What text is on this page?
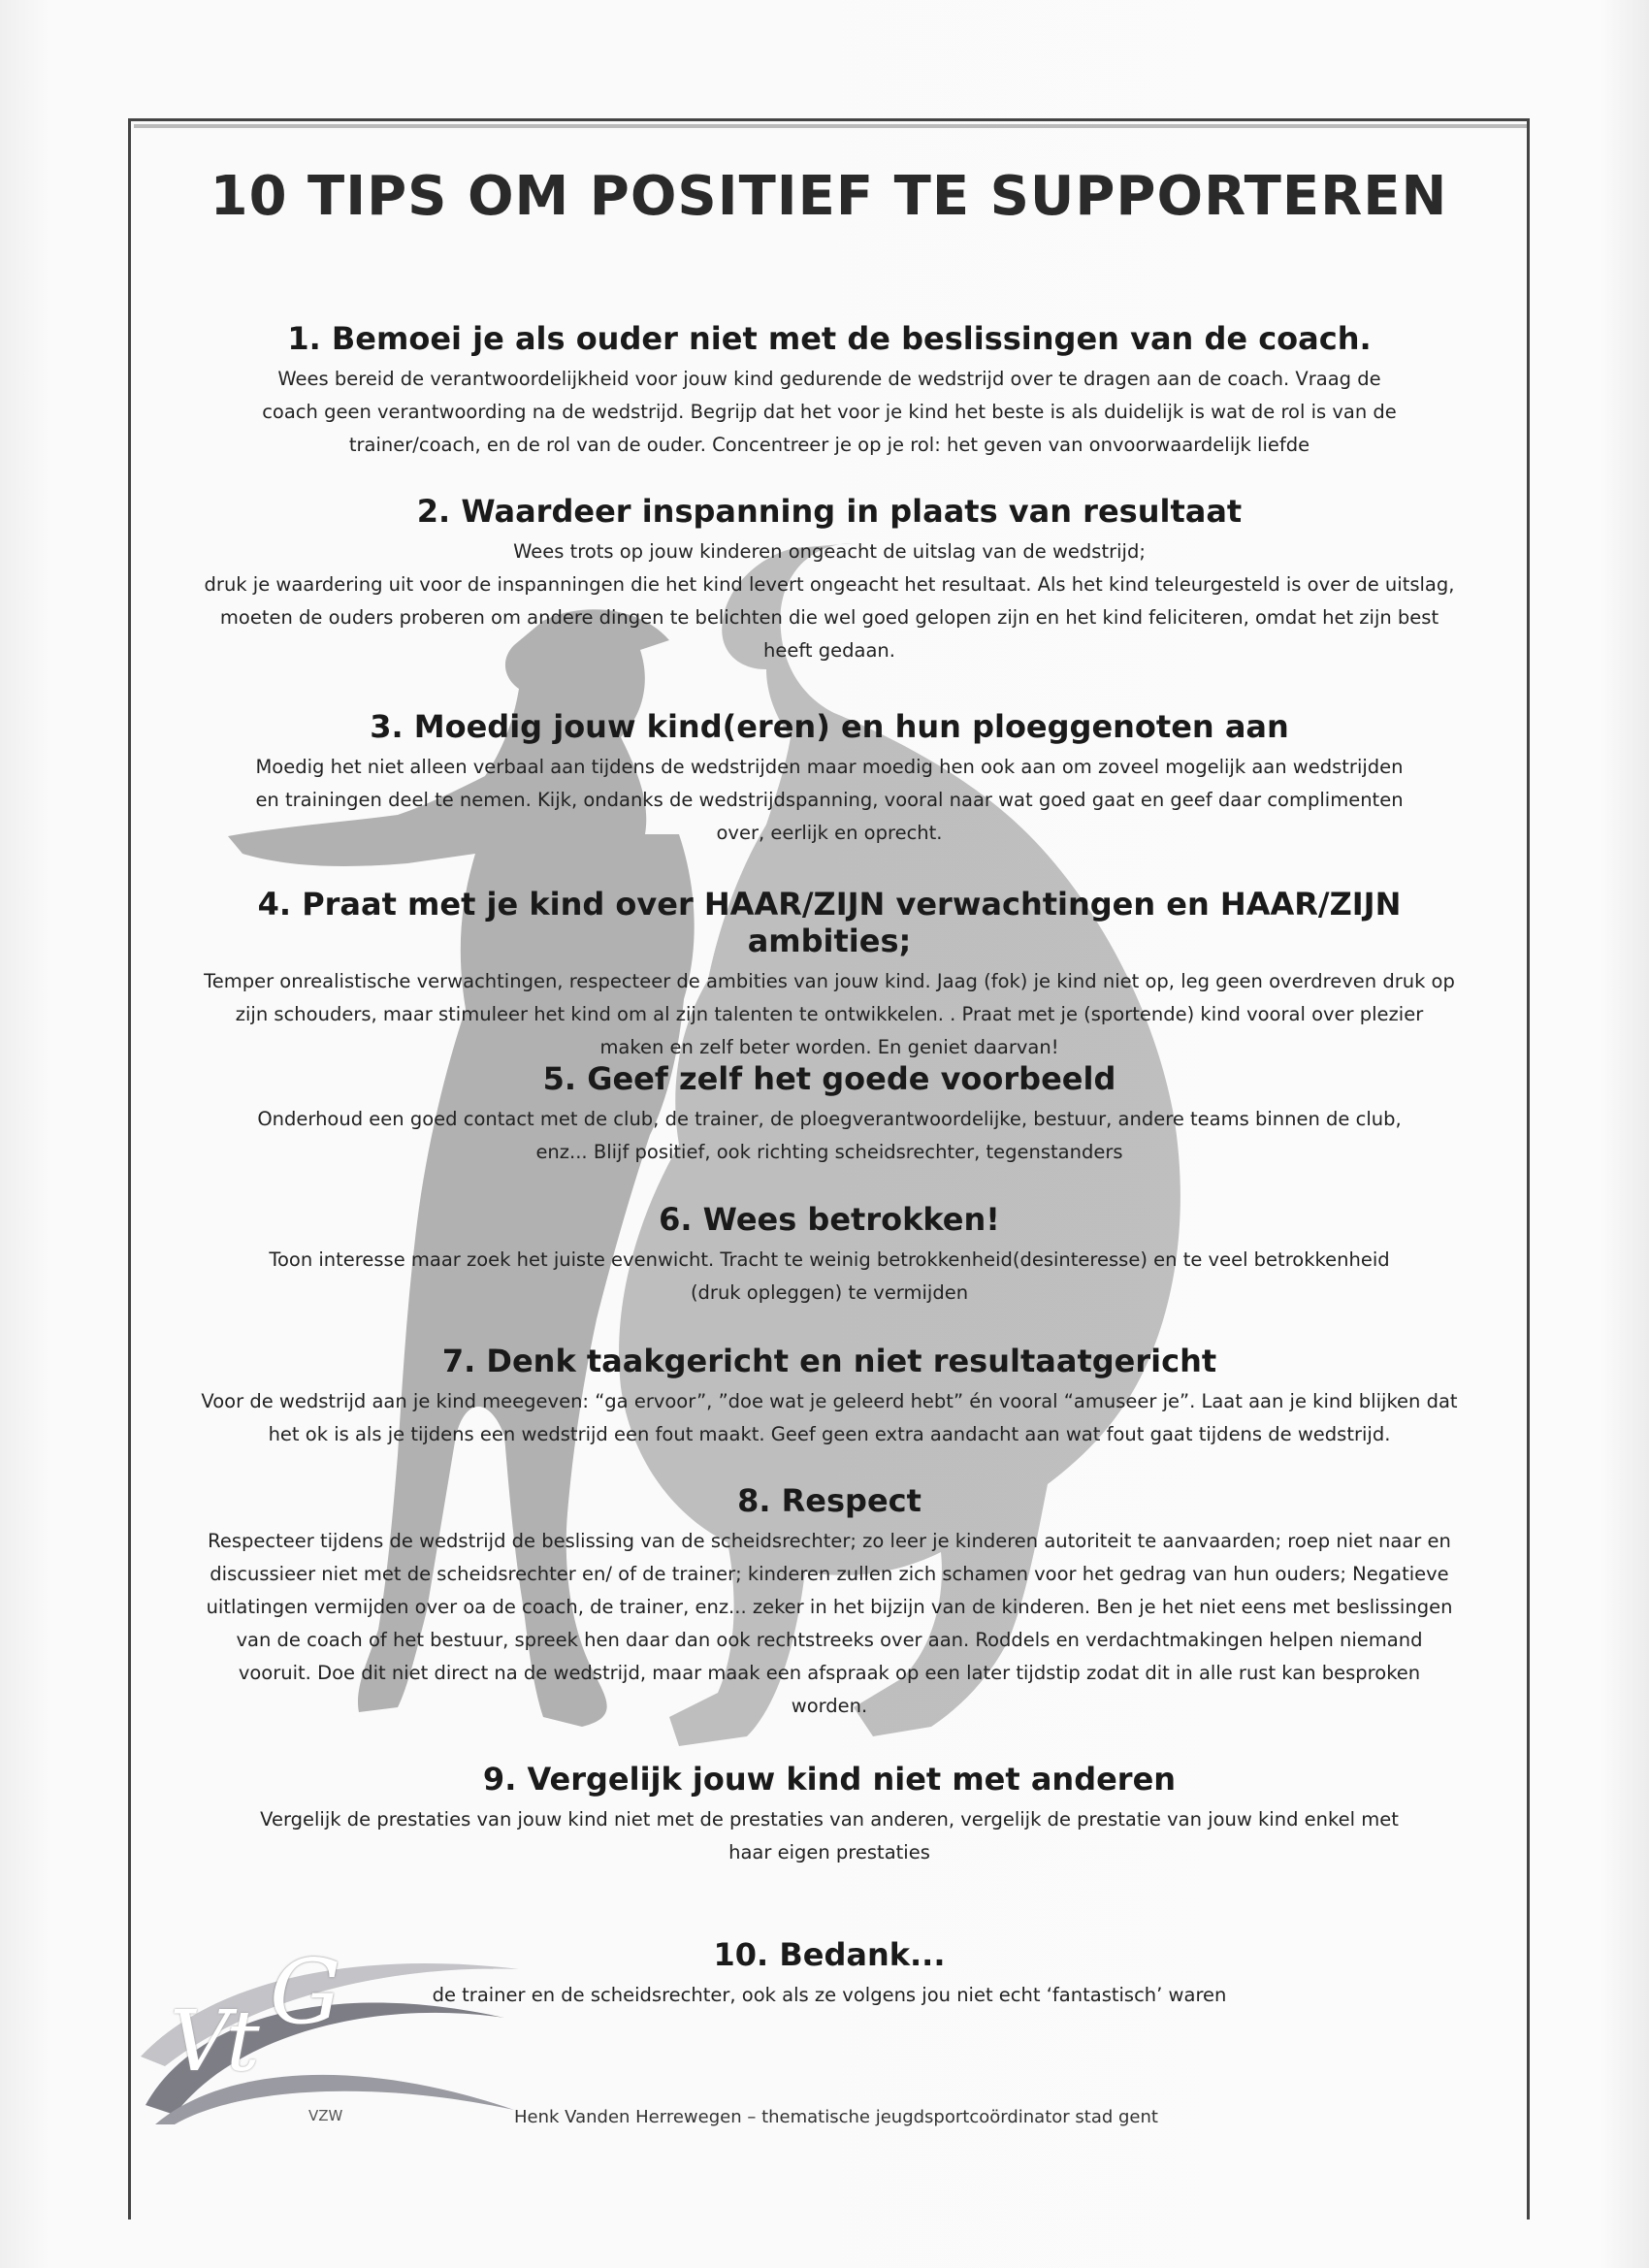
10 TIPS OM POSITIEF TE SUPPORTEREN
1. Bemoei je als ouder niet met de beslissingen van de coach.

Wees bereid de verantwoordelijkheid voor jouw kind gedurende de wedstrijd over te dragen aan de coach. Vraag de
coach geen verantwoording na de wedstrijd. Begrijp dat het voor je kind het beste is als duidelijk is wat de rol is van de
trainer/coach, en de rol van de ouder. Concentreer je op je rol: het geven van onvoorwaardelijk liefde

2. Waardeer inspanning in plaats van resultaat

Wees trots op jouw kinderen ongeacht de uitslag van de wedstrijd;
druk je waardering uit voor de inspanningen die het kind levert ongeacht het resultaat. Als het kind teleurgesteld is over de uitslag,
moeten de ouders proberen om andere dingen te belichten die wel goed gelopen zijn en het kind feliciteren, omdat het zijn best
heeft gedaan.

3. Moedig jouw kind(eren) en hun ploeggenoten aan

Moedig het niet alleen verbaal aan tijdens de wedstrijden maar moedig hen ook aan om zoveel mogelijk aan wedstrijden
en trainingen deel te nemen. Kijk, ondanks de wedstrijdspanning, vooral naar wat goed gaat en geef daar complimenten
over, eerlijk en oprecht.

4. Praat met je kind over HAAR/ZIJN verwachtingen en HAAR/ZIJN ambities;

Temper onrealistische verwachtingen, respecteer de ambities van jouw kind. Jaag (fok) je kind niet op, leg geen overdreven druk op
zijn schouders, maar stimuleer het kind om al zijn talenten te ontwikkelen. . Praat met je (sportende) kind vooral over plezier
maken en zelf beter worden. En geniet daarvan!

5. Geef zelf het goede voorbeeld

Onderhoud een goed contact met de club, de trainer, de ploegverantwoordelijke, bestuur, andere teams binnen de club,
enz... Blijf positief, ook richting scheidsrechter, tegenstanders

6. Wees betrokken!

Toon interesse maar zoek het juiste evenwicht. Tracht te weinig betrokkenheid(desinteresse) en te veel betrokkenheid
(druk opleggen) te vermijden

7. Denk taakgericht en niet resultaatgericht

Voor de wedstrijd aan je kind meegeven: “ga ervoor”, ”doe wat je geleerd hebt” én vooral “amuseer je”. Laat aan je kind blijken dat
het ok is als je tijdens een wedstrijd een fout maakt. Geef geen extra aandacht aan wat fout gaat tijdens de wedstrijd.

8. Respect

Respecteer tijdens de wedstrijd de beslissing van de scheidsrechter; zo leer je kinderen autoriteit te aanvaarden; roep niet naar en
discussieer niet met de scheidsrechter en/ of de trainer; kinderen zullen zich schamen voor het gedrag van hun ouders; Negatieve
uitlatingen vermijden over oa de coach, de trainer, enz... zeker in het bijzijn van de kinderen. Ben je het niet eens met beslissingen
van de coach of het bestuur, spreek hen daar dan ook rechtstreeks over aan. Roddels en verdachtmakingen helpen niemand
vooruit. Doe dit niet direct na de wedstrijd, maar maak een afspraak op een later tijdstip zodat dit in alle rust kan besproken
worden.

9. Vergelijk jouw kind niet met anderen

Vergelijk de prestaties van jouw kind niet met de prestaties van anderen, vergelijk de prestatie van jouw kind enkel met
haar eigen prestaties

10. Bedank...

de trainer en de scheidsrechter, ook als ze volgens jou niet echt ‘fantastisch’ waren

Vt G
VZW	Henk Vanden Herrewegen – thematische jeugdsportcoördinator stad gent
